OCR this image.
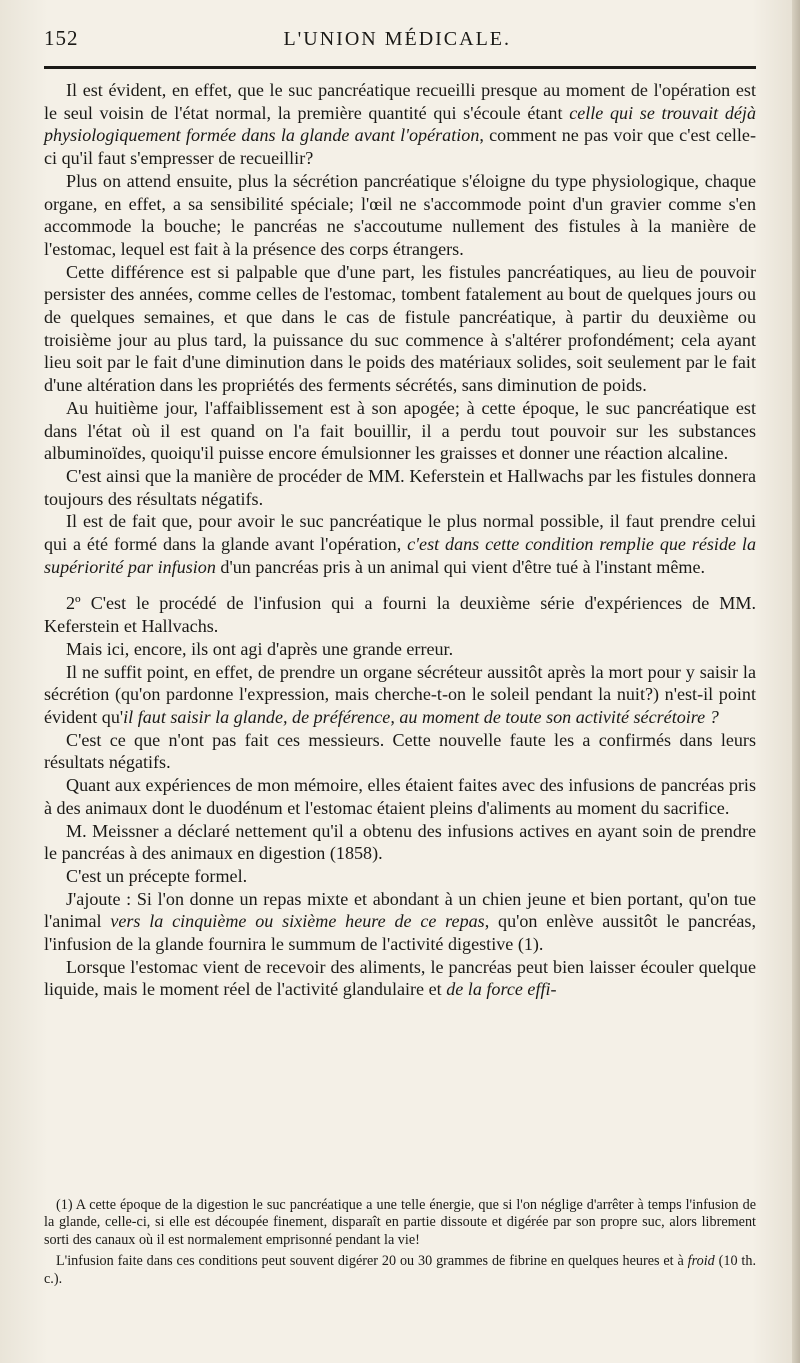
152	L'UNION MÉDICALE.

Il est évident, en effet, que le suc pancréatique recueilli presque au moment de l'opération est le seul voisin de l'état normal, la première quantité qui s'écoule étant celle qui se trouvait déjà physiologiquement formée dans la glande avant l'opération, comment ne pas voir que c'est celle-ci qu'il faut s'empresser de recueillir?

Plus on attend ensuite, plus la sécrétion pancréatique s'éloigne du type physiologique, chaque organe, en effet, a sa sensibilité spéciale; l'œil ne s'accommode point d'un gravier comme s'en accommode la bouche; le pancréas ne s'accoutume nullement des fistules à la manière de l'estomac, lequel est fait à la présence des corps étrangers.

Cette différence est si palpable que d'une part, les fistules pancréatiques, au lieu de pouvoir persister des années, comme celles de l'estomac, tombent fatalement au bout de quelques jours ou de quelques semaines, et que dans le cas de fistule pancréatique, à partir du deuxième ou troisième jour au plus tard, la puissance du suc commence à s'altérer profondément; cela ayant lieu soit par le fait d'une diminution dans le poids des matériaux solides, soit seulement par le fait d'une altération dans les propriétés des ferments sécrétés, sans diminution de poids.

Au huitième jour, l'affaiblissement est à son apogée; à cette époque, le suc pancréatique est dans l'état où il est quand on l'a fait bouillir, il a perdu tout pouvoir sur les substances albuminoïdes, quoiqu'il puisse encore émulsionner les graisses et donner une réaction alcaline.

C'est ainsi que la manière de procéder de MM. Keferstein et Hallwachs par les fistules donnera toujours des résultats négatifs.

Il est de fait que, pour avoir le suc pancréatique le plus normal possible, il faut prendre celui qui a été formé dans la glande avant l'opération, c'est dans cette condition remplie que réside la supériorité par infusion d'un pancréas pris à un animal qui vient d'être tué à l'instant même.

2º C'est le procédé de l'infusion qui a fourni la deuxième série d'expériences de MM. Keferstein et Hallvachs.

Mais ici, encore, ils ont agi d'après une grande erreur.

Il ne suffit point, en effet, de prendre un organe sécréteur aussitôt après la mort pour y saisir la sécrétion (qu'on pardonne l'expression, mais cherche-t-on le soleil pendant la nuit?) n'est-il point évident qu'il faut saisir la glande, de préférence, au moment de toute son activité sécrétoire ?

C'est ce que n'ont pas fait ces messieurs. Cette nouvelle faute les a confirmés dans leurs résultats négatifs.

Quant aux expériences de mon mémoire, elles étaient faites avec des infusions de pancréas pris à des animaux dont le duodénum et l'estomac étaient pleins d'aliments au moment du sacrifice.

M. Meissner a déclaré nettement qu'il a obtenu des infusions actives en ayant soin de prendre le pancréas à des animaux en digestion (1858).

C'est un précepte formel.

J'ajoute : Si l'on donne un repas mixte et abondant à un chien jeune et bien portant, qu'on tue l'animal vers la cinquième ou sixième heure de ce repas, qu'on enlève aussitôt le pancréas, l'infusion de la glande fournira le summum de l'activité digestive (1).

Lorsque l'estomac vient de recevoir des aliments, le pancréas peut bien laisser écouler quelque liquide, mais le moment réel de l'activité glandulaire et de la force effi-

(1) A cette époque de la digestion le suc pancréatique a une telle énergie, que si l'on néglige d'arrêter à temps l'infusion de la glande, celle-ci, si elle est découpée finement, disparaît en partie dissoute et digérée par son propre suc, alors librement sorti des canaux où il est normalement emprisonné pendant la vie!

L'infusion faite dans ces conditions peut souvent digérer 20 ou 30 grammes de fibrine en quelques heures et à froid (10 th. c.).
